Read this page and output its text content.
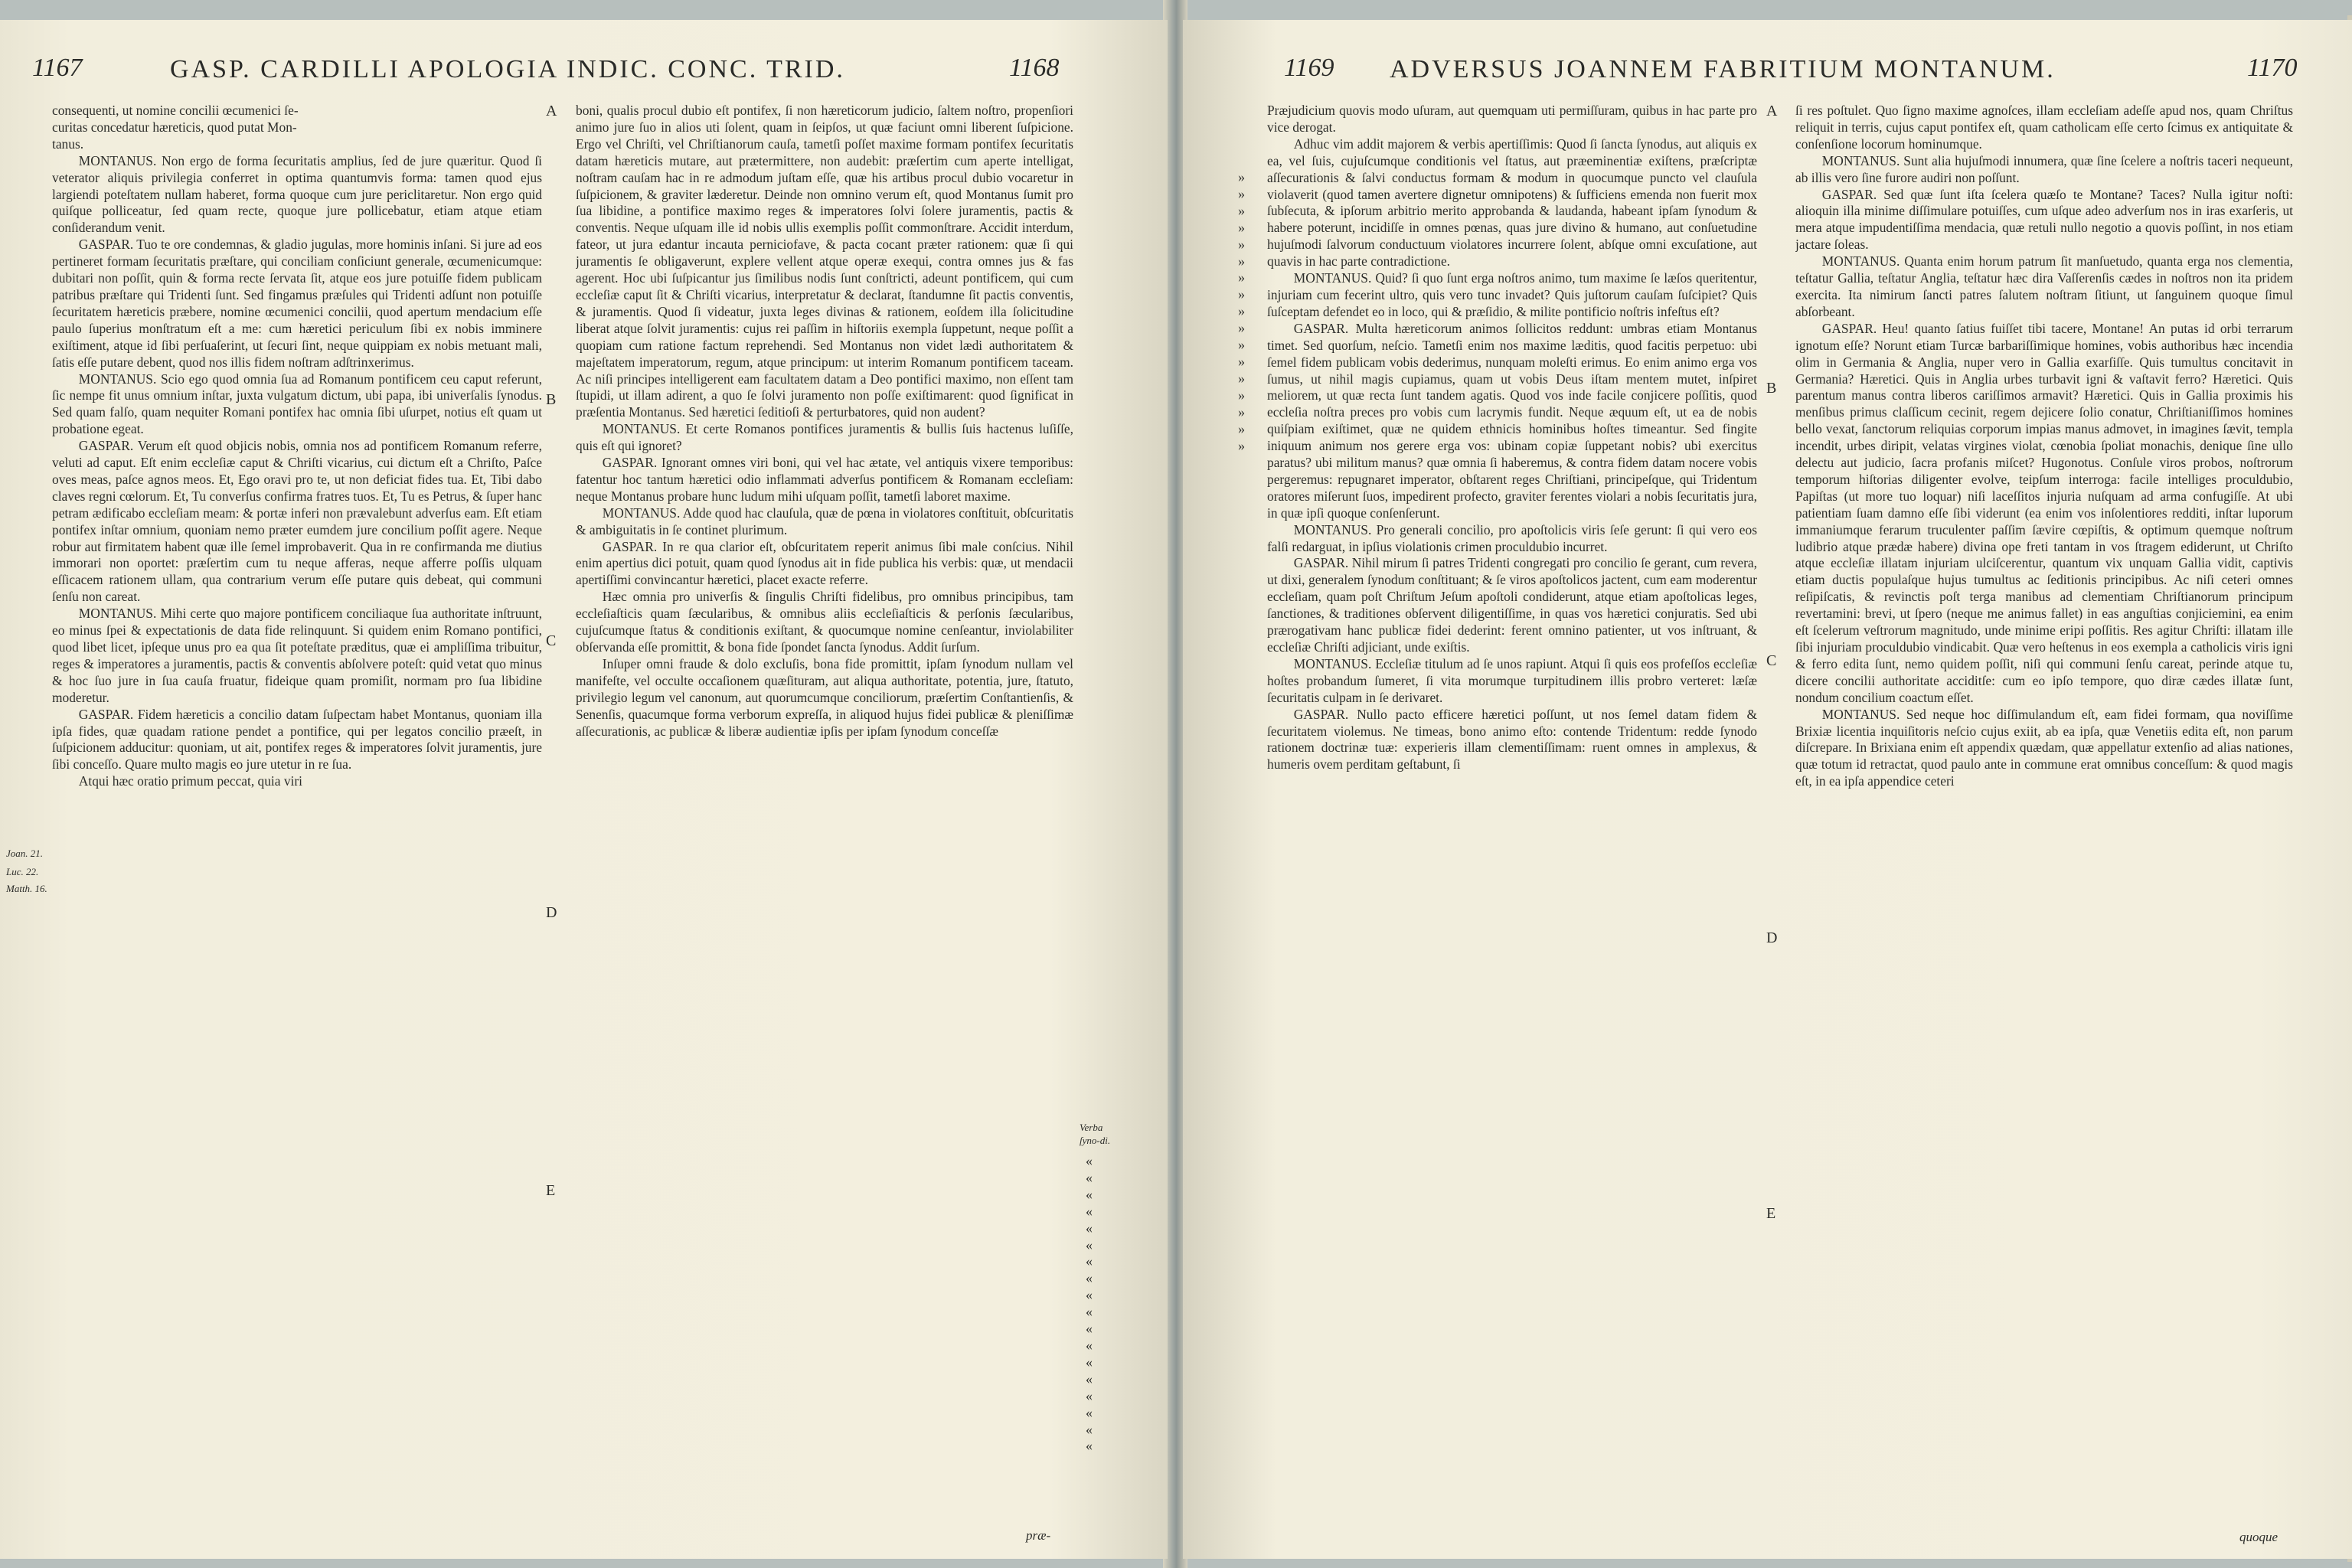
1167	GASP. CARDILLI APOLOGIA INDIC. CONC. TRID.	1168

consequenti, ut nomine concilii œcumenici ſe-

curitas concedatur hæreticis, quod putat Mon-

tanus.

MONTANUS. Non ergo de forma ſecuritatis amplius, ſed de jure quæritur. Quod ſi veterator aliquis privilegia conferret in optima quantumvis forma: tamen quod ejus largiendi poteſtatem nullam haberet, forma quoque cum jure periclitaretur. Non ergo quid quiſque polliceatur, ſed quam recte, quoque jure pollicebatur, etiam atque etiam conſiderandum venit.

GASPAR. Tuo te ore condemnas, & gladio jugulas, more hominis inſani. Si jure ad eos pertineret formam ſecuritatis præſtare, qui conciliam conſiciunt generale, œcumenicumque: dubitari non poſſit, quin & forma recte ſervata ſit, atque eos jure potuiſſe fidem publicam patribus præſtare qui Tridenti ſunt. Sed fingamus præſules qui Tridenti adſunt non potuiſſe ſecuritatem hæreticis præbere, nomine œcumenici concilii, quod apertum mendacium eſſe paulo ſuperius monſtratum eſt a me: cum hæretici periculum ſibi ex nobis imminere exiſtiment, atque id ſibi perſuaſerint, ut ſecuri ſint, neque quippiam ex nobis metuant mali, ſatis eſſe putare debent, quod nos illis fidem noſtram adſtrinxerimus.

MONTANUS. Scio ego quod omnia ſua ad Romanum pontificem ceu caput referunt, ſic nempe fit unus omnium inſtar, juxta vulgatum dictum, ubi papa, ibi univerſalis ſynodus. Sed quam falſo, quam nequiter Romani pontifex hac omnia ſibi uſurpet, notius eſt quam ut probatione egeat.

GASPAR. Verum eſt quod objicis nobis, omnia nos ad pontificem Romanum referre, veluti ad caput. Eſt enim eccleſiæ caput & Chriſti vicarius, cui dictum eſt a Chriſto, Paſce oves meas, paſce agnos meos. Et, Ego oravi pro te, ut non deficiat fides tua. Et, Tibi dabo claves regni cœlorum. Et, Tu converſus confirma fratres tuos. Et, Tu es Petrus, & ſuper hanc petram ædificabo eccleſiam meam: & portæ inferi non prævalebunt adverſus eam. Eſt etiam pontifex inſtar omnium, quoniam nemo præter eumdem jure concilium poſſit agere. Neque robur aut firmitatem habent quæ ille ſemel improbaverit. Qua in re confirmanda me diutius immorari non oportet: præſertim cum tu neque afferas, neque afferre poſſis ulquam eſſicacem rationem ullam, qua contrarium verum eſſe putare quis debeat, qui communi ſenſu non careat.

MONTANUS. Mihi certe quo majore pontificem conciliaque ſua authoritate inſtruunt, eo minus ſpei & expectationis de data fide relinquunt. Si quidem enim Romano pontifici, quod libet licet, ipſeque unus pro ea qua ſit poteſtate præditus, quæ ei ampliſſima tribuitur, reges & imperatores a juramentis, pactis & conventis abſolvere poteſt: quid vetat quo minus & hoc ſuo jure in ſua cauſa fruatur, fideique quam promiſit, normam pro ſua libidine moderetur.

GASPAR. Fidem hæreticis a concilio datam ſuſpectam habet Montanus, quoniam illa ipſa fides, quæ quadam ratione pendet a pontifice, qui per legatos concilio præeſt, in ſuſpicionem adducitur: quoniam, ut ait, pontifex reges & imperatores ſolvit juramentis, jure ſibi conceſſo. Quare multo magis eo jure utetur in re ſua.

Atqui hæc oratio primum peccat, quia viri

boni, qualis procul dubio eſt pontifex, ſi non hæreticorum judicio, ſaltem noſtro, propenſiori animo jure ſuo in alios uti ſolent, quam in ſeipſos, ut quæ faciunt omni liberent ſuſpicione. Ergo vel Chriſti, vel Chriſtianorum cauſa, tametſi poſſet maxime formam pontifex ſecuritatis datam hæreticis mutare, aut prætermittere, non audebit: præſertim cum aperte intelligat, noſtram cauſam hac in re admodum juſtam eſſe, quæ his artibus procul dubio vocaretur in ſuſpicionem, & graviter læderetur. Deinde non omnino verum eſt, quod Montanus ſumit pro ſua libidine, a pontifice maximo reges & imperatores ſolvi ſolere juramentis, pactis & conventis. Neque uſquam ille id nobis ullis exemplis poſſit commonſtrare. Accidit interdum, fateor, ut jura edantur incauta perniciofave, & pacta cocant præter rationem: quæ ſi qui juramentis ſe obligaverunt, explere vellent atque operæ exequi, contra omnes jus & fas agerent. Hoc ubi ſuſpicantur jus ſimilibus nodis ſunt conſtricti, adeunt pontificem, qui cum eccleſiæ caput ſit & Chriſti vicarius, interpretatur & declarat, ſtandumne ſit pactis conventis, & juramentis. Quod ſi videatur, juxta leges divinas & rationem, eoſdem illa ſolicitudine liberat atque ſolvit juramentis: cujus rei paſſim in hiſtoriis exempla ſuppetunt, neque poſſit a quopiam cum ratione factum reprehendi. Sed Montanus non videt lædi authoritatem & majeſtatem imperatorum, regum, atque principum: ut interim Romanum pontificem taceam. Ac niſi principes intelligerent eam facultatem datam a Deo pontifici maximo, non eſſent tam ſtupidi, ut illam adirent, a quo ſe ſolvi juramento non poſſe exiſtimarent: quod ſignificat in præſentia Montanus. Sed hæretici ſeditioſi & perturbatores, quid non audent?

MONTANUS. Et certe Romanos pontifices juramentis & bullis ſuis hactenus luſiſſe, quis eſt qui ignoret?

GASPAR. Ignorant omnes viri boni, qui vel hac ætate, vel antiquis vixere temporibus: fatentur hoc tantum hæretici odio inflammati adverſus pontificem & Romanam eccleſiam: neque Montanus probare hunc ludum mihi uſquam poſſit, tametſi laboret maxime.

MONTANUS. Adde quod hac clauſula, quæ de pœna in violatores conſtituit, obſcuritatis & ambiguitatis in ſe continet plurimum.

GASPAR. In re qua clarior eſt, obſcuritatem reperit animus ſibi male conſcius. Nihil enim apertius dici potuit, quam quod ſynodus ait in fide publica his verbis: quæ, ut mendacii apertiſſimi convincantur hæretici, placet exacte referre.

Hæc omnia pro univerſis & ſingulis Chriſti fidelibus, pro omnibus principibus, tam eccleſiaſticis quam ſæcularibus, & omnibus aliis eccleſiaſticis & perſonis ſæcularibus, cujuſcumque ſtatus & conditionis exiſtant, & quocumque nomine cenſeantur, inviolabiliter obſervanda eſſe promittit, & bona fide ſpondet ſancta ſynodus. Addit ſurſum.

Inſuper omni fraude & dolo excluſis, bona fide promittit, ipſam ſynodum nullam vel manifeſte, vel occulte occaſionem quæſituram, aut aliqua authoritate, potentia, jure, ſtatuto, privilegio legum vel canonum, aut quorumcumque conciliorum, præſertim Conſtantienſis, & Senenſis, quacumque forma verborum expreſſa, in aliquod hujus fidei publicæ & pleniſſimæ aſſecurationis, ac publicæ & liberæ audientiæ ipſis per ipſam ſynodum conceſſæ

A
B
C
D
E
Joan. 21.
Luc. 22.
Matth. 16.
Verba ſyno-di.
«
«
«
«
«
«
«
«
«
«
«
«
«
«
«
«
«
«
præ-
1169 ADVERSUS JOANNEM FABRITIUM MONTANUM.	1170

Præjudicium quovis modo uſuram, aut quemquam uti permiſſuram, quibus in hac parte pro vice derogat.

Adhuc vim addit majorem & verbis apertiſſimis: Quod ſi ſancta ſynodus, aut aliquis ex ea, vel ſuis, cujuſcumque conditionis vel ſtatus, aut præeminentiæ exiſtens, præſcriptæ aſſecurationis & ſalvi conductus formam & modum in quocumque puncto vel clauſula violaverit (quod tamen avertere dignetur omnipotens) & ſufficiens emenda non fuerit mox ſubſecuta, & ipſorum arbitrio merito approbanda & laudanda, habeant ipſam ſynodum & habere poterunt, incidiſſe in omnes pœnas, quas jure divino & humano, aut conſuetudine hujuſmodi ſalvorum conductuum violatores incurrere ſolent, abſque omni excuſatione, aut quavis in hac parte contradictione.

MONTANUS. Quid? ſi quo ſunt erga noſtros animo, tum maxime ſe læſos queritentur, injuriam cum fecerint ultro, quis vero tunc invadet? Quis juſtorum cauſam ſuſcipiet? Quis ſuſceptam defendet eo in loco, qui & præſidio, & milite pontificio noſtris infeſtus eſt?

GASPAR. Multa hæreticorum animos ſollicitos reddunt: umbras etiam Montanus timet. Sed quorſum, neſcio. Tametſi enim nos maxime læditis, quod facitis perpetuo: ubi ſemel fidem publicam vobis dederimus, nunquam moleſti erimus. Eo enim animo erga vos ſumus, ut nihil magis cupiamus, quam ut vobis Deus iſtam mentem mutet, inſpiret meliorem, ut quæ recta ſunt tandem agatis. Quod vos inde facile conjicere poſſitis, quod eccleſia noſtra preces pro vobis cum lacrymis fundit. Neque æquum eſt, ut ea de nobis quiſpiam exiſtimet, quæ ne quidem ethnicis hominibus hoſtes timeantur. Sed fingite iniquum animum nos gerere erga vos: ubinam copiæ ſuppetant nobis? ubi exercitus paratus? ubi militum manus? quæ omnia ſi haberemus, & contra fidem datam nocere vobis pergeremus: repugnaret imperator, obſtarent reges Chriſtiani, principeſque, qui Tridentum oratores miſerunt ſuos, impedirent profecto, graviter ferentes violari a nobis ſecuritatis jura, in quæ ipſi quoque conſenſerunt.

MONTANUS. Pro generali concilio, pro apoſtolicis viris ſeſe gerunt: ſi qui vero eos falſi redarguat, in ipſius violationis crimen proculdubio incurret.

GASPAR. Nihil mirum ſi patres Tridenti congregati pro concilio ſe gerant, cum revera, ut dixi, generalem ſynodum conſtituant; & ſe viros apoſtolicos jactent, cum eam moderentur eccleſiam, quam poſt Chriſtum Jeſum apoſtoli condiderunt, atque etiam apoſtolicas leges, ſanctiones, & traditiones obſervent diligentiſſime, in quas vos hæretici conjuratis. Sed ubi prærogativam hanc publicæ fidei dederint: ferent omnino patienter, ut vos inſtruant, & eccleſiæ Chriſti adjiciant, unde exiſtis.

MONTANUS. Eccleſiæ titulum ad ſe unos rapiunt. Atqui ſi quis eos profeſſos eccleſiæ hoſtes probandum ſumeret, ſi vita morumque turpitudinem illis probro verteret: læſæ ſecuritatis culpam in ſe derivaret.

GASPAR. Nullo pacto efficere hæretici poſſunt, ut nos ſemel datam fidem & ſecuritatem violemus. Ne timeas, bono animo eſto: contende Tridentum: redde ſynodo rationem doctrinæ tuæ: experieris illam clementiſſimam: ruent omnes in amplexus, & humeris ovem perditam geſtabunt, ſi

ſi res poſtulet. Quo ſigno maxime agnoſces, illam eccleſiam adeſſe apud nos, quam Chriſtus reliquit in terris, cujus caput pontifex eſt, quam catholicam eſſe certo ſcimus ex antiquitate & conſenſione locorum hominumque.

MONTANUS. Sunt alia hujuſmodi innumera, quæ ſine ſcelere a noſtris taceri nequeunt, ab illis vero ſine furore audiri non poſſunt.

GASPAR. Sed quæ ſunt iſta ſcelera quæſo te Montane? Taces? Nulla igitur noſti: alioquin illa minime diſſimulare potuiſſes, cum uſque adeo adverſum nos in iras exarſeris, ut mera atque impudentiſſima mendacia, quæ retuli nullo negotio a quovis poſſint, in nos etiam jactare ſoleas.

MONTANUS. Quanta enim horum patrum ſit manſuetudo, quanta erga nos clementia, teſtatur Gallia, teſtatur Anglia, teſtatur hæc dira Vaſſerenſis cædes in noſtros non ita pridem exercita. Ita nimirum ſancti patres ſalutem noſtram ſitiunt, ut ſanguinem quoque ſimul abſorbeant.

GASPAR. Heu! quanto ſatius fuiſſet tibi tacere, Montane! An putas id orbi terrarum ignotum eſſe? Norunt etiam Turcæ barbariſſimique homines, vobis authoribus hæc incendia olim in Germania & Anglia, nuper vero in Gallia exarſiſſe. Quis tumultus concitavit in Germania? Hæretici. Quis in Anglia urbes turbavit igni & vaſtavit ferro? Hæretici. Quis parentum manus contra liberos cariſſimos armavit? Hæretici. Quis in Gallia proximis his menſibus primus claſſicum cecinit, regem dejicere ſolio conatur, Chriſtianiſſimos homines bello vexat, ſanctorum reliquias corporum impias manus admovet, in imagines ſævit, templa incendit, urbes diripit, velatas virgines violat, cœnobia ſpoliat monachis, denique ſine ullo delectu aut judicio, ſacra profanis miſcet? Hugonotus. Conſule viros probos, noſtrorum temporum hiſtorias diligenter evolve, teipſum interroga: facile intelliges proculdubio, Papiſtas (ut more tuo loquar) niſi laceſſitos injuria nuſquam ad arma confugiſſe. At ubi patientiam ſuam damno eſſe ſibi viderunt (ea enim vos inſolentiores redditi, inſtar luporum immaniumque ferarum truculenter paſſim ſævire cœpiſtis, & optimum quemque noſtrum ludibrio atque prædæ habere) divina ope freti tantam in vos ſtragem ediderunt, ut Chriſto atque eccleſiæ illatam injuriam ulciſcerentur, quantum vix unquam Gallia vidit, captivis etiam ductis populaſque hujus tumultus ac ſeditionis principibus. Ac niſi ceteri omnes reſipiſcatis, & revinctis poſt terga manibus ad clementiam Chriſtianorum principum revertamini: brevi, ut ſpero (neque me animus fallet) in eas anguſtias conjiciemini, ea enim eſt ſcelerum veſtrorum magnitudo, unde minime eripi poſſitis. Res agitur Chriſti: illatam ille ſibi injuriam proculdubio vindicabit. Quæ vero heſtenus in eos exempla a catholicis viris igni & ferro edita ſunt, nemo quidem poſſit, niſi qui communi ſenſu careat, perinde atque tu, dicere concilii authoritate acciditſe: cum eo ipſo tempore, quo diræ cædes illatæ ſunt, nondum concilium coactum eſſet.

MONTANUS. Sed neque hoc diſſimulandum eſt, eam fidei formam, qua noviſſime Brixiæ licentia inquiſitoris neſcio cujus exiit, ab ea ipſa, quæ Venetiis edita eſt, non parum diſcrepare. In Brixiana enim eſt appendix quædam, quæ appellatur extenſio ad alias nationes, quæ totum id retractat, quod paulo ante in commune erat omnibus conceſſum: & quod magis eſt, in ea ipſa appendice ceteri

A
B
C
D
E
»
»
»
»
»
»
»
»
»
»
»
»
»
»
»
»
»
quoque
